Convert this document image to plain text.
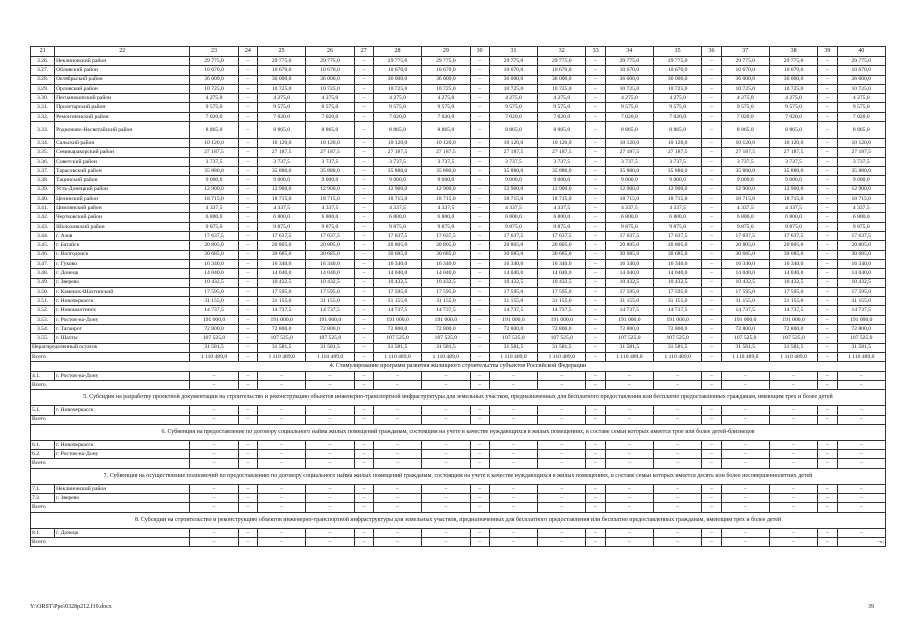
21	22	23	24	25	26	27	28	29	30	31	32	33	34	35	36	37	38	39	40
3.26.	Неклиновский район	29 775,0	–	29 775,0	29 775,0	–	29 775,0	29 775,0	–	29 775,0	29 775,0	–	29 775,0	29 775,0	–	29 775,0	29 775,0	–	29 775,0
3.27.	Обливский район	10 670,0	–	10 670,0	10 670,0	–	10 670,0	10 670,0	–	10 670,0	10 670,0	–	10 670,0	10 670,0	–	10 670,0	10 670,0	–	10 670,0
3.28.	Октябрьский район	36 000,0	–	36 000,0	36 000,0	–	36 000,0	36 000,0	–	36 000,0	36 000,0	–	36 000,0	36 000,0	–	36 000,0	36 000,0	–	36 000,0
3.29.	Орловский район	10 725,0	–	10 725,0	10 725,0	–	10 725,0	10 725,0	–	10 725,0	10 725,0	–	10 725,0	10 725,0	–	10 725,0	10 725,0	–	10 725,0
3.30.	Песчанокопский район	4 275,0	–	4 275,0	4 275,0	–	4 275,0	4 275,0	–	4 275,0	4 275,0	–	4 275,0	4 275,0	–	4 275,0	4 275,0	–	4 275,0
3.31.	Пролетарский район	9 575,0	–	9 575,0	9 575,0	–	9 575,0	9 575,0	–	9 575,0	9 575,0	–	9 575,0	9 575,0	–	9 575,0	9 575,0	–	9 575,0
3.32.	Ремонтненский район	7 020,0	–	7 020,0	7 020,0	–	7 020,0	7 020,0	–	7 020,0	7 020,0	–	7 020,0	7 020,0	–	7 020,0	7 020,0	–	7 020,0
3.33.	Родионово-Несветайский район	8 865,0	–	8 865,0	8 865,0	–	8 865,0	8 865,0	–	8 865,0	8 865,0	–	8 865,0	8 865,0	–	8 865,0	8 865,0	–	8 865,0
3.34.	Сальский район	10 120,0	–	10 120,0	10 120,0	–	10 120,0	10 120,0	–	10 120,0	10 120,0	–	10 120,0	10 120,0	–	10 120,0	10 120,0	–	10 120,0
3.35.	Семикаракорский район	27 187,5	–	27 187,5	27 187,5	–	27 187,5	27 187,5	–	27 187,5	27 187,5	–	27 187,5	27 187,5	–	27 187,5	27 187,5	–	27 187,5
3.36.	Советский район	3 737,5	–	3 737,5	3 737,5	–	3 737,5	3 737,5	–	3 737,5	3 737,5	–	3 737,5	3 737,5	–	3 737,5	3 737,5	–	3 737,5
3.37.	Тарасовский район	35 880,0	–	35 880,0	35 880,0	–	35 880,0	35 880,0	–	35 880,0	35 880,0	–	35 880,0	35 880,0	–	35 880,0	35 880,0	–	35 880,0
3.38.	Тацинский район	9 000,0	–	9 000,0	9 000,0	–	9 000,0	9 000,0	–	9 000,0	9 000,0	–	9 000,0	9 000,0	–	9 000,0	9 000,0	–	9 000,0
3.39.	Усть-Донецкий район	12 900,0	–	12 900,0	12 900,0	–	12 900,0	12 900,0	–	12 900,0	12 900,0	–	12 900,0	12 900,0	–	12 900,0	12 900,0	–	12 900,0
3.40.	Целинский район	18 715,0	–	18 715,0	18 715,0	–	18 715,0	18 715,0	–	18 715,0	18 715,0	–	18 715,0	18 715,0	–	18 715,0	18 715,0	–	18 715,0
3.41.	Цимлянский район	4 337,5	–	4 337,5	4 337,5	–	4 337,5	4 337,5	–	4 337,5	4 337,5	–	4 337,5	4 337,5	–	4 337,5	4 337,5	–	4 337,5
3.42.	Чертковский район	6 800,0	–	6 800,0	6 800,0	–	6 800,0	6 800,0	–	6 800,0	6 800,0	–	6 800,0	6 800,0	–	6 800,0	6 800,0	–	6 800,0
3.43.	Шолоховский район	9 875,0	–	9 875,0	9 875,0	–	9 875,0	9 875,0	–	9 875,0	9 875,0	–	9 875,0	9 875,0	–	9 875,0	9 875,0	–	9 875,0
3.44.	г. Азов	17 637,5	–	17 637,5	17 637,5	–	17 637,5	17 637,5	–	17 637,5	17 637,5	–	17 637,5	17 637,5	–	17 637,5	17 637,5	–	17 637,5
3.45.	г. Батайск	20 805,0	–	20 805,0	20 805,0	–	20 805,0	20 805,0	–	20 805,0	20 805,0	–	20 805,0	20 805,0	–	20 805,0	20 805,0	–	20 805,0
3.46.	г. Волгодонск	30 685,0	–	30 685,0	30 685,0	–	30 685,0	30 685,0	–	30 685,0	30 685,0	–	30 685,0	30 685,0	–	30 685,0	30 685,0	–	30 685,0
3.47.	г. Гуково	16 340,0	–	16 340,0	16 340,0	–	16 340,0	16 340,0	–	16 340,0	16 340,0	–	16 340,0	16 340,0	–	16 340,0	16 340,0	–	16 340,0
3.48.	г. Донецк	14 040,0	–	14 040,0	14 040,0	–	14 040,0	14 040,0	–	14 040,0	14 040,0	–	14 040,0	14 040,0	–	14 040,0	14 040,0	–	14 040,0
3.49.	г. Зверево	10 432,5	–	10 432,5	10 432,5	–	10 432,5	10 432,5	–	10 432,5	10 432,5	–	10 432,5	10 432,5	–	10 432,5	10 432,5	–	10 432,5
3.50.	г. Каменск-Шахтинский	17 595,0	–	17 595,0	17 595,0	–	17 595,0	17 595,0	–	17 595,0	17 595,0	–	17 595,0	17 595,0	–	17 595,0	17 595,0	–	17 595,0
3.51.	г. Новочеркасск	31 155,0	–	31 155,0	31 155,0	–	31 155,0	31 155,0	–	31 155,0	31 155,0	–	31 155,0	31 155,0	–	31 155,0	31 155,0	–	31 155,0
3.52.	г. Новошахтинск	14 737,5	–	14 737,5	14 737,5	–	14 737,5	14 737,5	–	14 737,5	14 737,5	–	14 737,5	14 737,5	–	14 737,5	14 737,5	–	14 737,5
3.53.	г. Ростов-на-Дону	191 000,0	–	191 000,0	191 000,0	–	191 000,0	191 000,0	–	191 000,0	191 000,0	–	191 000,0	191 000,0	–	191 000,0	191 000,0	–	191 000,0
3.54.	г. Таганрог	72 800,0	–	72 800,0	72 800,0	–	72 800,0	72 800,0	–	72 800,0	72 800,0	–	72 800,0	72 800,0	–	72 800,0	72 800,0	–	72 800,0
3.55.	г. Шахты	107 525,0	–	107 525,0	107 525,0	–	107 525,0	107 525,0	–	107 525,0	107 525,0	–	107 525,0	107 525,0	–	107 525,0	107 525,0	–	107 525,0
Нераспределенный остаток		31 581,5	–	31 581,5	31 581,5	–	31 581,5	31 581,5	–	31 581,5	31 581,5	–	31 581,5	31 581,5	–	31 581,5	31 581,5	–	31 581,5
Всего		1 110 489,0	–	1 110 489,0	1 110 489,0	–	1 110 489,0	1 110 489,0	–	1 110 489,0	1 110 489,0	–	1 110 489,0	1 110 489,0	–	1 110 489,0	1 110 489,0	–	1 110 489,0
4. Стимулирование программ развития жилищного строительства субъектов Российской Федерации																			
4.1.	г. Ростов-на-Дону	–	–	–	–	–	–	–	–	–	–	–	–	–	–	–	–	–	–
Всего		–	–	–	–	–	–	–	–	–	–	–	–	–	–	–	–	–	–
5. Субсидии на разработку проектной документации на строительство и реконструкцию объектов инженерно-транспортной инфраструктуры для земельных участков, предназначенных для бесплатного предоставления или бесплатно предоставленных гражданам, имеющим трех и более детей																			
5.1.	г. Новочеркасск	–	–	–	–	–	–	–	–	–	–	–	–	–	–	–	–	–	–
Всего		–	–	–	–	–	–	–	–	–	–	–	–	–	–	–	–	–	–
6. Субвенция на предоставление по договору социального найма жилых помещений гражданам, состоящим на учете в качестве нуждающихся в жилых помещениях, в составе семьи которых имеется трое или более детей-близнецов																			
6.1.	г. Новочеркасск	–	–	–	–	–	–	–	–	–	–	–	–	–	–	–	–	–	–
6.2.	г. Ростов-на-Дону	–	–	–	–	–	–	–	–	–	–	–	–	–	–	–	–	–	–
Всего		–	–	–	–	–	–	–	–	–	–	–	–	–	–	–	–	–	–
7. Субвенция на осуществление полномочий по предоставлению по договору социального найма жилых помещений гражданам, состоящим на учете в качестве нуждающихся в жилых помещениях, в составе семьи которых имеется десять или более несовершеннолетних детей																			
7.1.	Неклиновский район	–	–	–	–	–	–	–	–	–	–	–	–	–	–	–	–	–	–
7.2.	г. Зверево	–	–	–	–	–	–	–	–	–	–	–	–	–	–	–	–	–	–
Всего		–	–	–	–	–	–	–	–	–	–	–	–	–	–	–	–	–	–
8. Субсидии на строительство и реконструкцию объектов инженерно-транспортной инфраструктуры для земельных участков, предназначенных для бесплатного предоставления или бесплатно предоставленных гражданам, имеющим трех и более детей																			
8.1.	г. Донецк	–	–	–	–	–	–	–	–	–	–	–	–	–	–	–	–	–	–
Всего		–	–	–	–	–	–	–	–	–	–	–	–	–	–	–	–	–	–»;
Y:\ORST\Ppo\0328p212.f19.docx	39
